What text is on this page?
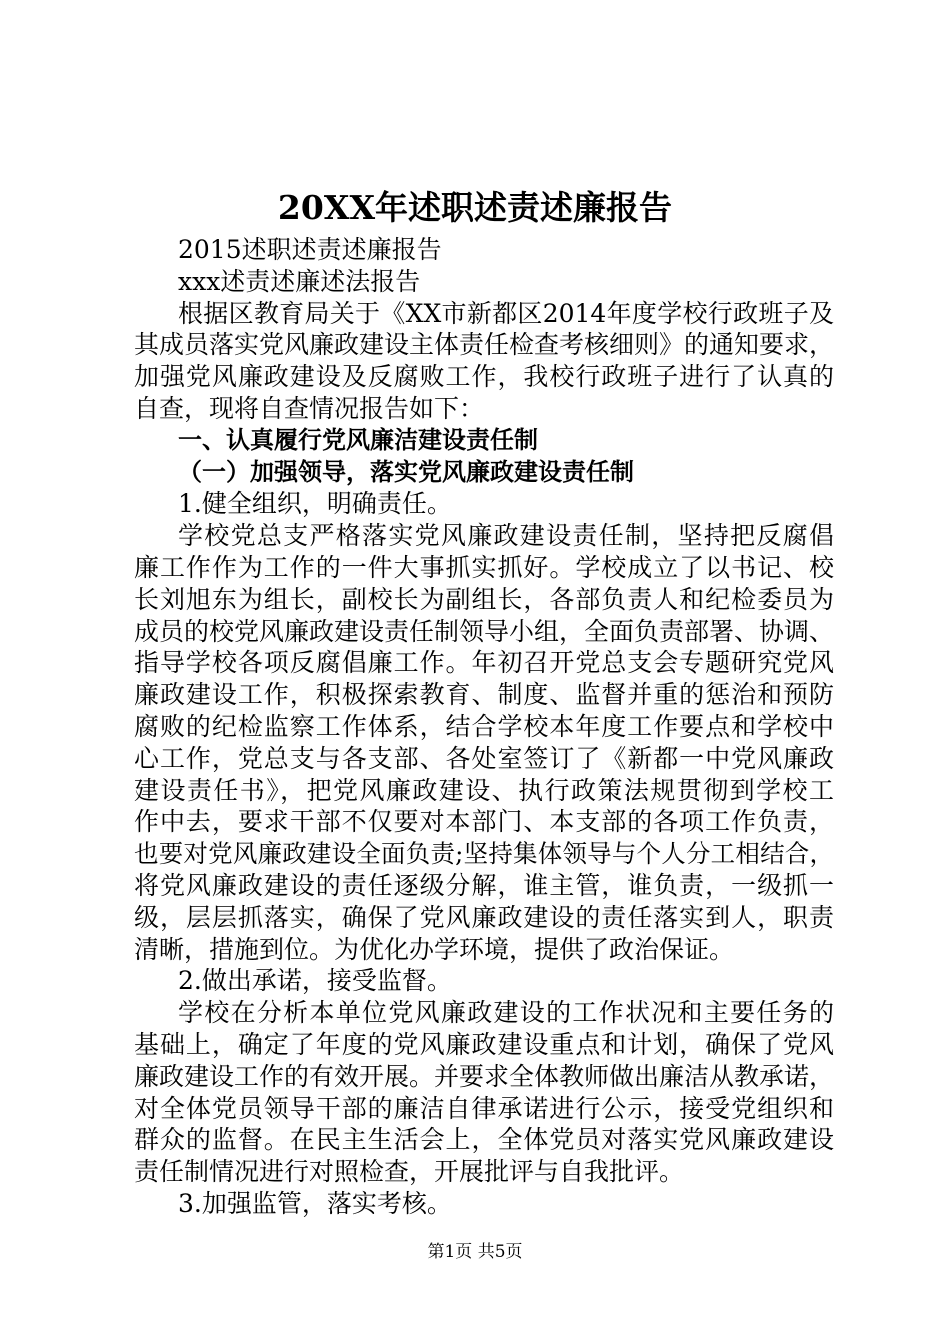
20XX年述职述责述廉报告
2015述职述责述廉报告
xxx述责述廉述法报告
根据区教育局关于《XX市新都区2014年度学校行政班子及
其成员落实党风廉政建设主体责任检查考核细则》的通知要求，
加强党风廉政建设及反腐败工作，我校行政班子进行了认真的
自查，现将自查情况报告如下：
一、认真履行党风廉洁建设责任制
（一）加强领导，落实党风廉政建设责任制
1.健全组织，明确责任。
学校党总支严格落实党风廉政建设责任制，坚持把反腐倡
廉工作作为工作的一件大事抓实抓好。学校成立了以书记、校
长刘旭东为组长，副校长为副组长，各部负责人和纪检委员为
成员的校党风廉政建设责任制领导小组，全面负责部署、协调、
指导学校各项反腐倡廉工作。年初召开党总支会专题研究党风
廉政建设工作，积极探索教育、制度、监督并重的惩治和预防
腐败的纪检监察工作体系，结合学校本年度工作要点和学校中
心工作，党总支与各支部、各处室签订了《新都一中党风廉政
建设责任书》，把党风廉政建设、执行政策法规贯彻到学校工
作中去，要求干部不仅要对本部门、本支部的各项工作负责，
也要对党风廉政建设全面负责;坚持集体领导与个人分工相结合，
将党风廉政建设的责任逐级分解，谁主管，谁负责，一级抓一
级，层层抓落实，确保了党风廉政建设的责任落实到人，职责
清晰，措施到位。为优化办学环境，提供了政治保证。
2.做出承诺，接受监督。
学校在分析本单位党风廉政建设的工作状况和主要任务的
基础上，确定了年度的党风廉政建设重点和计划，确保了党风
廉政建设工作的有效开展。并要求全体教师做出廉洁从教承诺，
对全体党员领导干部的廉洁自律承诺进行公示，接受党组织和
群众的监督。在民主生活会上，全体党员对落实党风廉政建设
责任制情况进行对照检查，开展批评与自我批评。
3.加强监管，落实考核。
第1页 共5页
